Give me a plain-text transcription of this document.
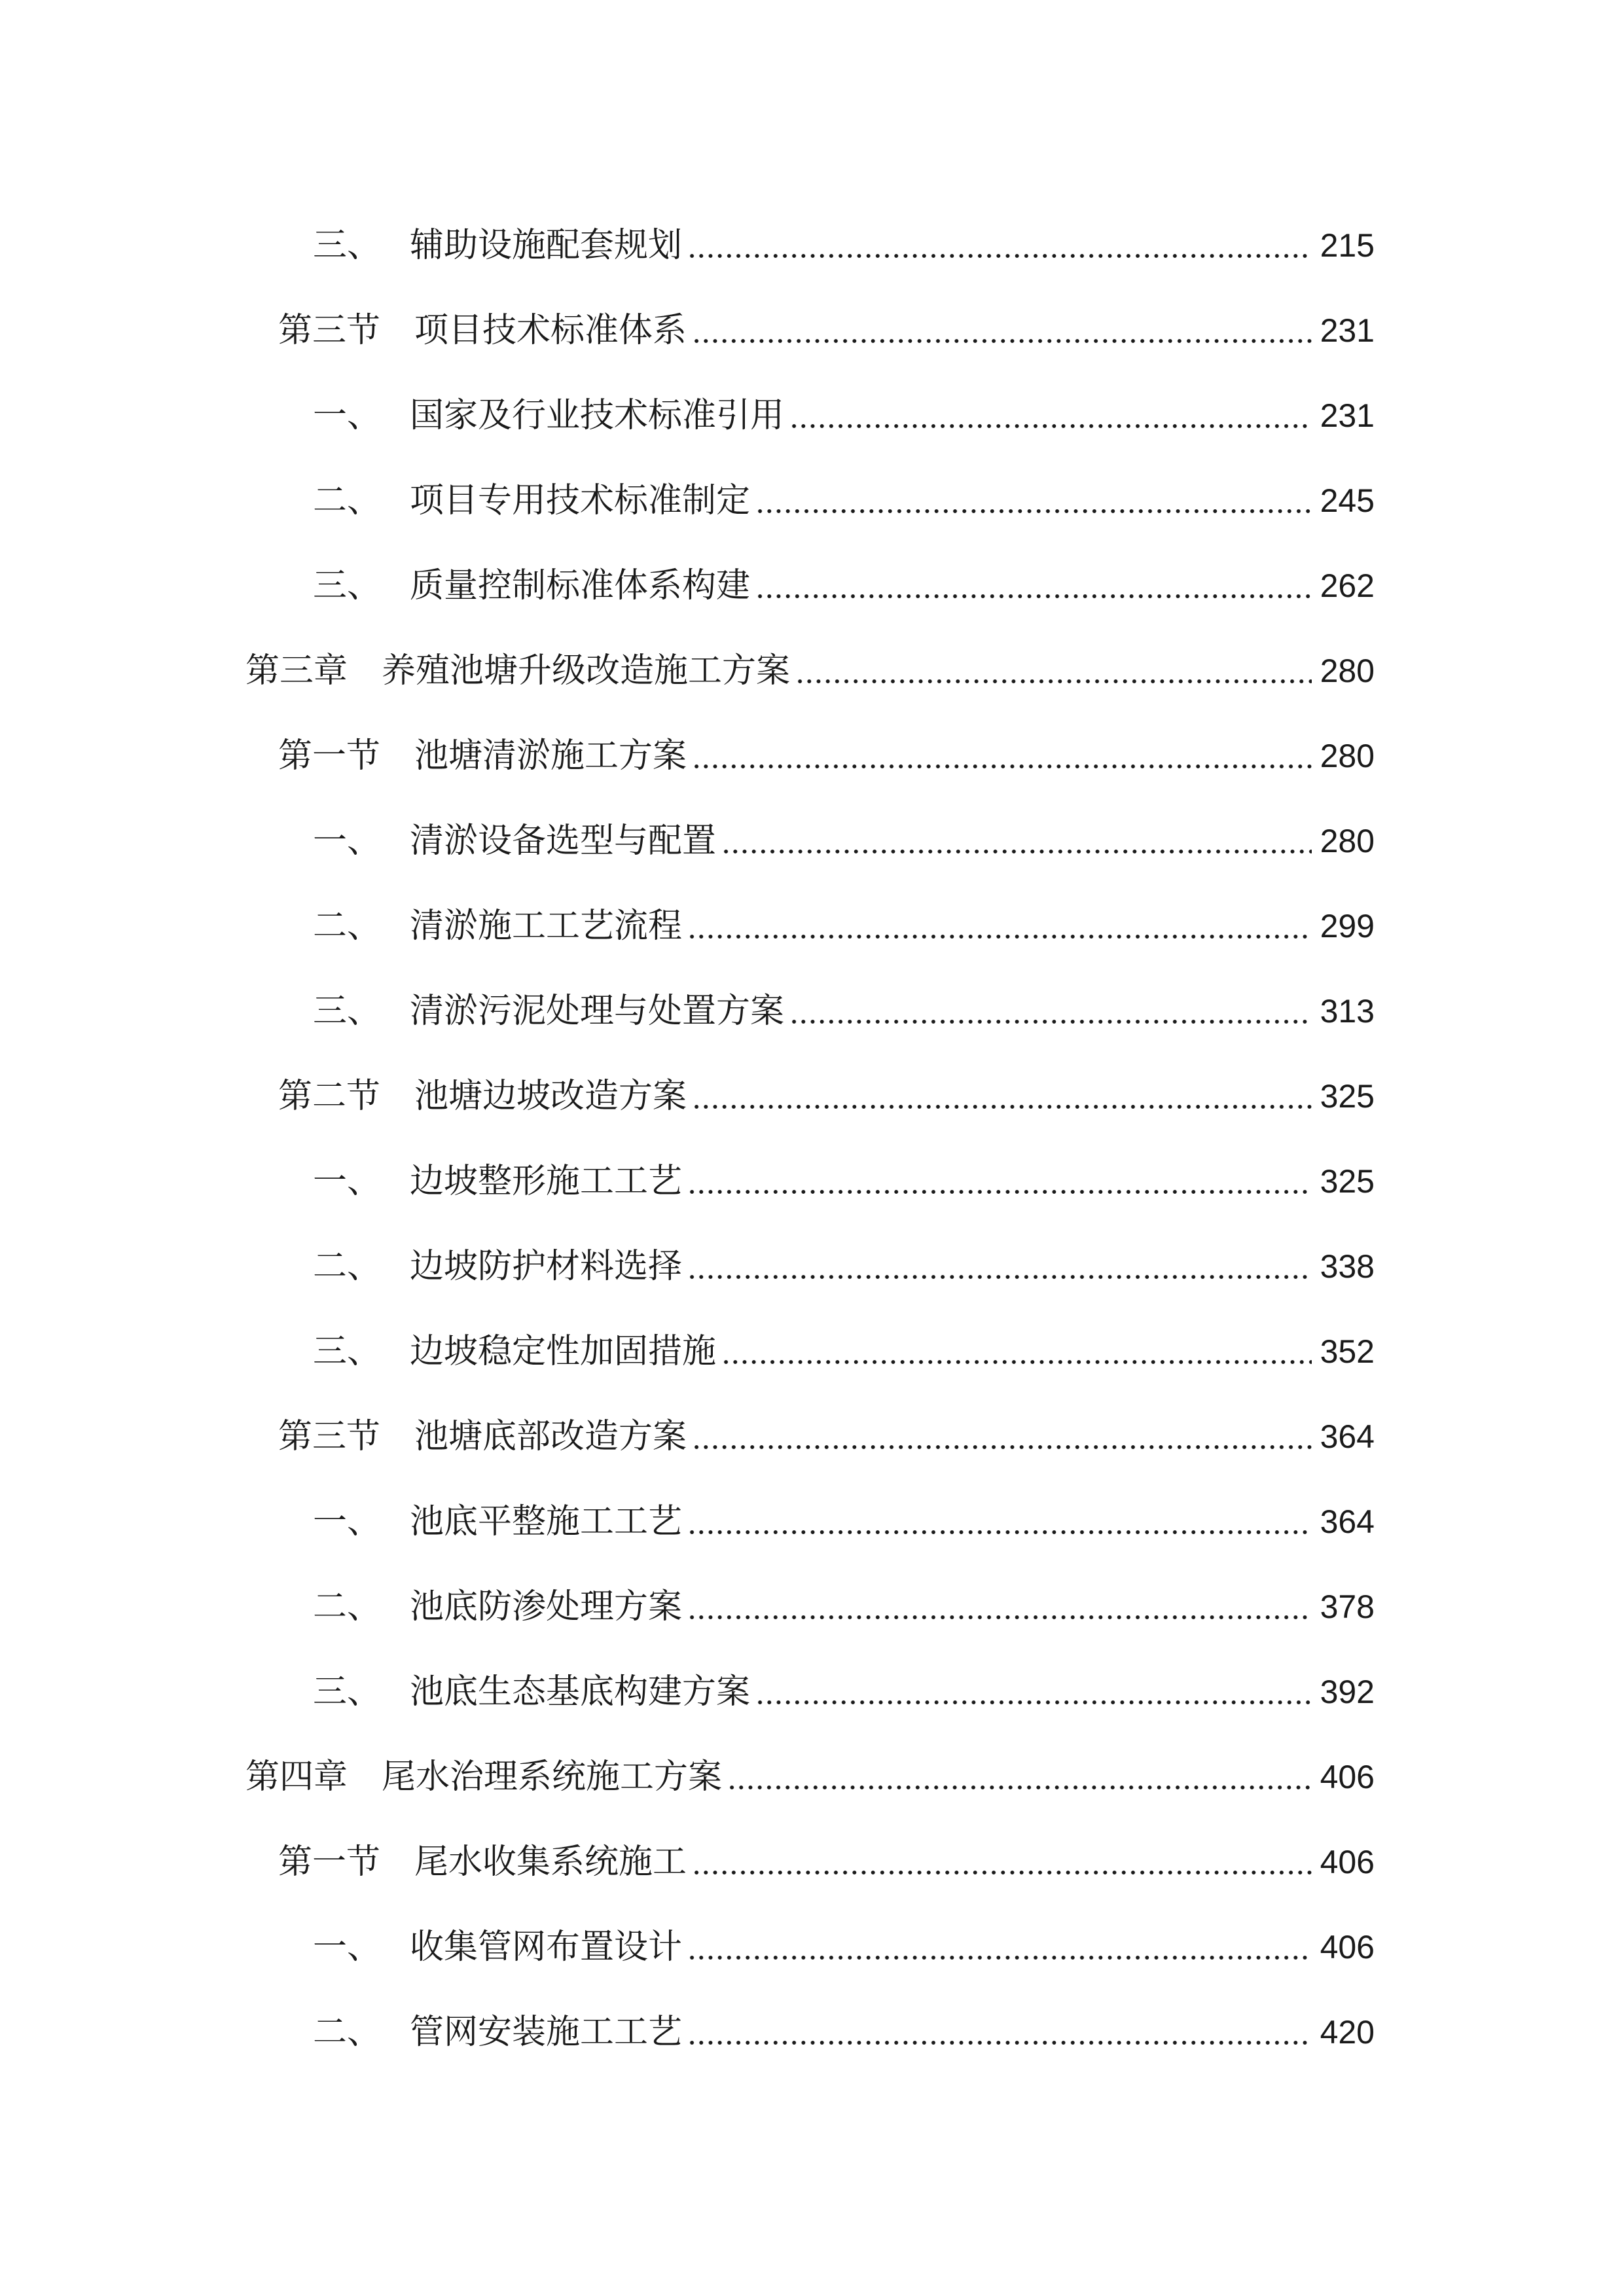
三、 辅助设施配套规划	215
第三节 项目技术标准体系	231
一、 国家及行业技术标准引用	231
二、 项目专用技术标准制定	245
三、 质量控制标准体系构建	262
第三章 养殖池塘升级改造施工方案	280
第一节 池塘清淤施工方案	280
一、 清淤设备选型与配置	280
二、 清淤施工工艺流程	299
三、 清淤污泥处理与处置方案	313
第二节 池塘边坡改造方案	325
一、 边坡整形施工工艺	325
二、 边坡防护材料选择	338
三、 边坡稳定性加固措施	352
第三节 池塘底部改造方案	364
一、 池底平整施工工艺	364
二、 池底防渗处理方案	378
三、 池底生态基底构建方案	392
第四章 尾水治理系统施工方案	406
第一节 尾水收集系统施工	406
一、 收集管网布置设计	406
二、 管网安装施工工艺	420
